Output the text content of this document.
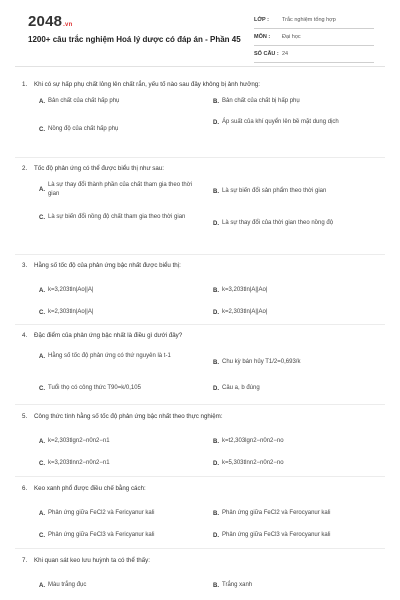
2048.vn
1200+ câu trắc nghiệm Hoá lý dược có đáp án - Phần 45
LỚP :	Trắc nghiệm tổng hợp
MÔN :	Đại học
SỐ CÂU : 24
1.	Khi có sự hấp phụ chất lỏng lên chất rắn, yếu tố nào sau đây không bị ảnh hưởng:
A. Bản chất của chất hấp phụ	B. Bản chất của chất bị hấp phụ
C. Nồng độ của chất hấp phụ
D. Áp suất của khí quyển lên bề mặt dung dịch
2.	Tốc độ phản ứng có thể được biểu thị như sau:
A.
Là sự thay đổi thành phần của chất tham gia theo thời gian	B. Là sự biến đổi sản phẩm theo thời gian
C. Là sự biến đổi nồng độ chất tham gia theo thời gian
D. Là sự thay đổi của thời gian theo nồng độ
3.	Hằng số tốc độ của phản ứng bậc nhất được biểu thị:
A. k=3,203tln|Ao||A|	B. k=3,203tln|A||Ao|
C. k=2,303tln|Ao||A|	D. k=2,303tln|A||Ao|
4.	Đặc điểm của phản ứng bậc nhất là điều gì dưới đây?
A. Hằng số tốc độ phản ứng có thứ nguyên là t-1
B. Chu kỳ bán hủy T1/2=0,693/k
C. Tuổi thọ có công thức T90=k/0,105	D. Câu a, b đúng
5.	Công thức tính hằng số tốc độ phản ứng bậc nhất theo thực nghiệm:
A. k=2,303tlgn2−n0n2−n1	B. k=t2,303lgn2−n0n2−no
C. k=3,203tlnn2−n0n2−n1	D. k=5,303tlnn2−n0n2−no
6.	Keo xanh phổ được điều chế bằng cách:
A. Phản ứng giữa FeCl2 và Fericyanur kali	B. Phản ứng giữa FeCl2 và Ferocyanur kali
C. Phản ứng giữa FeCl3 và Fericyanur kali	D. Phản ứng giữa FeCl3 và Ferocyanur kali
7.	Khi quan sát keo lưu huỳnh ta có thể thấy:
A. Màu trắng đục	B. Trắng xanh
